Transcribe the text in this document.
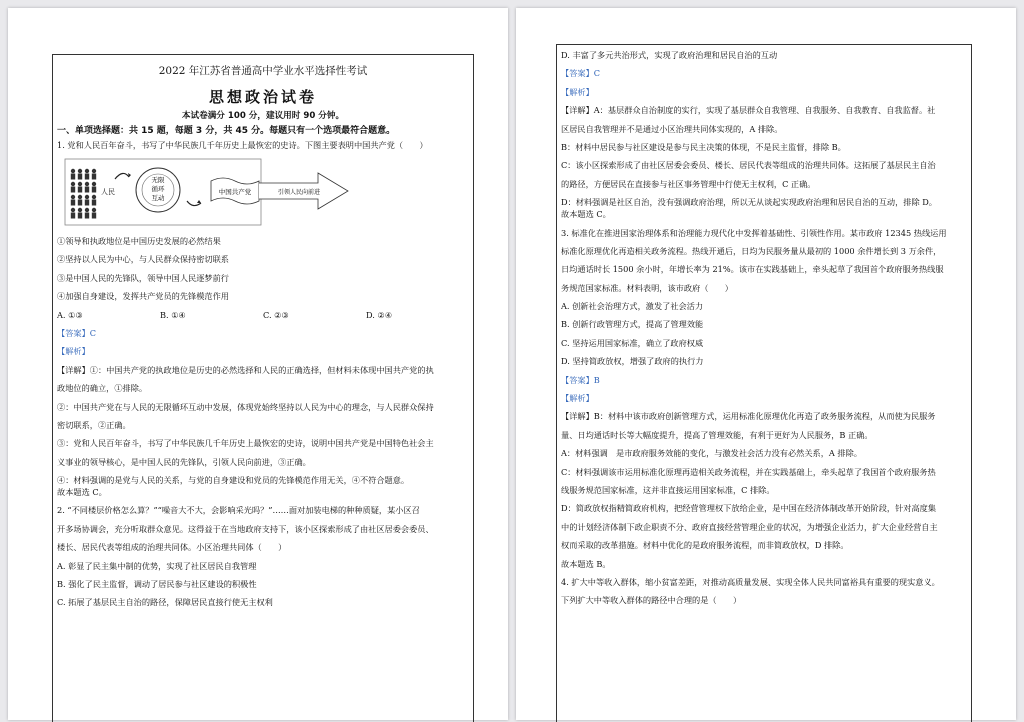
2022 年江苏省普通高中学业水平选择性考试
思想政治试卷
本试卷满分 100 分，建议用时 90 分钟。
一、单项选择题：共 15 题，每题 3 分，共 45 分。每题只有一个选项最符合题意。
1. 党和人民百年奋斗，书写了中华民族几千年历史上最恢宏的史诗。下图主要表明中国共产党（　　）
人民
无限
循环
互动
中国共产党	引领人民向前进
①领导和执政地位是中国历史发展的必然结果
②坚持以人民为中心，与人民群众保持密切联系
③是中国人民的先锋队，领导中国人民逐梦前行
④加强自身建设，发挥共产党员的先锋模范作用
A. ①③	B. ①④	C. ②③	D. ②④
【答案】C
【解析】
【详解】①：中国共产党的执政地位是历史的必然选择和人民的正确选择，但材料未体现中国共产党的执
政地位的确立，①排除。
②：中国共产党在与人民的无限循环互动中发展，体现党始终坚持以人民为中心的理念，与人民群众保持
密切联系，②正确。
③：党和人民百年奋斗，书写了中华民族几千年历史上最恢宏的史诗，说明中国共产党是中国特色社会主
义事业的领导核心，是中国人民的先锋队，引领人民向前进，③正确。
④：材料强调的是党与人民的关系，与党的自身建设和党员的先锋模范作用无关，④不符合题意。
故本题选 C。
2. “不同楼层价格怎么算？”“噪音大不大，会影响采光吗？”……面对加装电梯的种种质疑，某小区召
开多场协调会，充分听取群众意见。这得益于在当地政府支持下，该小区探索形成了由社区居委会委员、
楼长、居民代表等组成的治理共同体。小区治理共同体（　　）
A. 彰显了民主集中制的优势，实现了社区居民自我管理
B. 强化了民主监督，调动了居民参与社区建设的积极性
C. 拓展了基层民主自治的路径，保障居民直接行使无主权利
D. 丰富了多元共治形式，实现了政府治理和居民自治的互动
【答案】C
【解析】
【详解】A：基层群众自治制度的实行，实现了基层群众自我管理、自我服务、自我教育、自我监督。社
区居民自我管理并不是通过小区治理共同体实现的，A 排除。
B：材料中居民参与社区建设是参与民主决策的体现，不是民主监督，排除 B。
C：该小区探索形成了由社区居委会委员、楼长、居民代表等组成的治理共同体。这拓展了基层民主自治
的路径，方便居民在直接参与社区事务管理中行使无主权利，C 正确。
D：材料强调是社区自治，没有强调政府治理，所以无从谈起实现政府治理和居民自治的互动，排除 D。
故本题选 C。
3. 标准化在推进国家治理体系和治理能力现代化中发挥着基础性、引领性作用。某市政府 12345 热线运用
标准化原理优化再造相关政务流程。热线开通后，日均为民服务量从最初的 1000 余件增长到 3 万余件，
日均通话时长 1500 余小时，年增长率为 21%。该市在实践基础上，牵头起草了我国首个政府服务热线服
务规范国家标准。材料表明，该市政府（　　）
A. 创新社会治理方式，激发了社会活力
B. 创新行政管理方式，提高了管理效能
C. 坚持运用国家标准，确立了政府权威
D. 坚持简政放权，增强了政府的执行力
【答案】B
【解析】
【详解】B：材料中该市政府创新管理方式，运用标准化原理优化再造了政务服务流程，从而使为民服务
量、日均通话时长等大幅度提升，提高了管理效能，有利于更好为人民服务，B 正确。
A：材料强调　是市政府服务效能的变化，与激发社会活力没有必然关系，A 排除。
C：材料强调该市运用标准化原理再造相关政务流程，并在实践基础上，牵头起草了我国首个政府服务热
线服务规范国家标准，这并非直接运用国家标准，C 排除。
D：简政放权指精简政府机构，把经营管理权下放给企业，是中国在经济体制改革开始阶段，针对高度集
中的计划经济体制下政企职责不分、政府直接经营管理企业的状况，为增强企业活力，扩大企业经营自主
权而采取的改革措施。材料中优化的是政府服务流程，而非简政放权，D 排除。
故本题选 B。
4. 扩大中等收入群体，缩小贫富差距，对推动高质量发展、实现全体人民共同富裕具有重要的现实意义。
下列扩大中等收入群体的路径中合理的是（　　）
